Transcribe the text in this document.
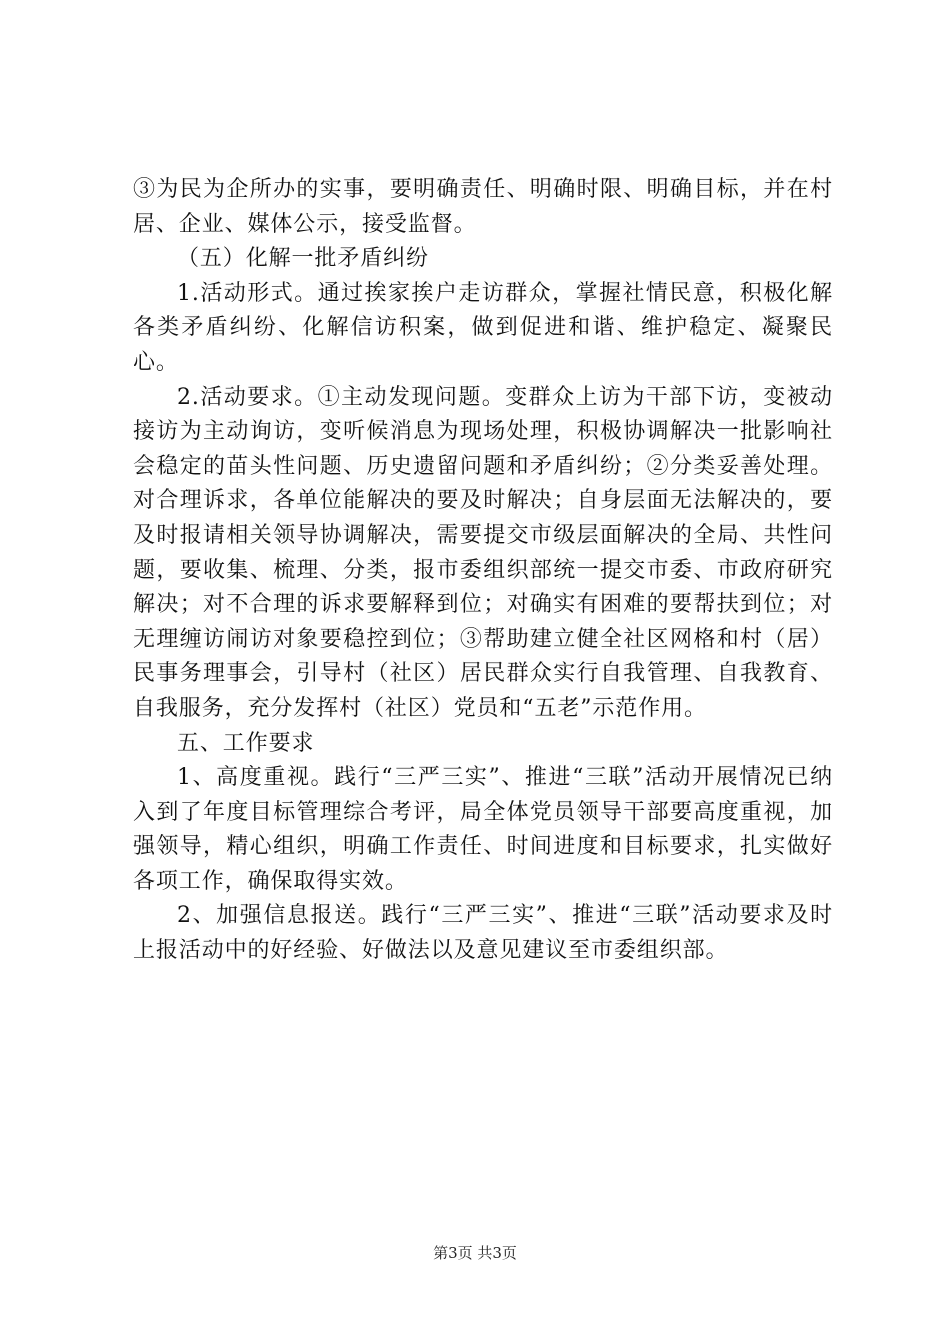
③为民为企所办的实事，要明确责任、明确时限、明确目标，并在村居、企业、媒体公示，接受监督。

（五）化解一批矛盾纠纷

1.活动形式。通过挨家挨户走访群众，掌握社情民意，积极化解各类矛盾纠纷、化解信访积案，做到促进和谐、维护稳定、凝聚民心。

2.活动要求。①主动发现问题。变群众上访为干部下访，变被动接访为主动询访，变听候消息为现场处理，积极协调解决一批影响社会稳定的苗头性问题、历史遗留问题和矛盾纠纷；②分类妥善处理。对合理诉求，各单位能解决的要及时解决；自身层面无法解决的，要及时报请相关领导协调解决，需要提交市级层面解决的全局、共性问题，要收集、梳理、分类，报市委组织部统一提交市委、市政府研究解决；对不合理的诉求要解释到位；对确实有困难的要帮扶到位；对无理缠访闹访对象要稳控到位；③帮助建立健全社区网格和村（居）民事务理事会，引导村（社区）居民群众实行自我管理、自我教育、自我服务，充分发挥村（社区）党员和“五老”示范作用。

五、工作要求

1、高度重视。践行“三严三实”、推进“三联”活动开展情况已纳入到了年度目标管理综合考评，局全体党员领导干部要高度重视，加强领导，精心组织，明确工作责任、时间进度和目标要求，扎实做好各项工作，确保取得实效。

2、加强信息报送。践行“三严三实”、推进“三联”活动要求及时上报活动中的好经验、好做法以及意见建议至市委组织部。

第3页 共3页
